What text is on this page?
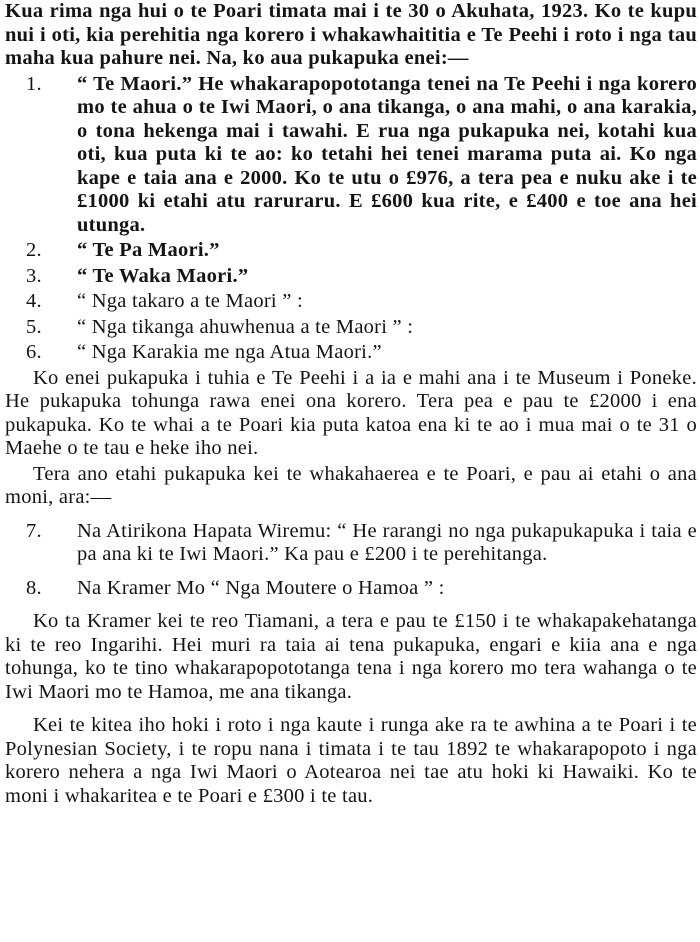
Kua rima nga hui o te Poari timata mai i te 30 o Akuhata, 1923. Ko te kupu nui i oti, kia perehitia nga korero i whakawhaititia e Te Peehi i roto i nga tau maha kua pahure nei. Na, ko aua pukapuka enei:—

1.	“ Te Maori.” He whakarapopototanga tenei na Te Peehi i nga korero mo te ahua o te Iwi Maori, o ana tikanga, o ana mahi, o ana karakia, o tona hekenga mai i tawahi. E rua nga pukapuka nei, kotahi kua oti, kua puta ki te ao: ko tetahi hei tenei marama puta ai. Ko nga kape e taia ana e 2000. Ko te utu o £976, a tera pea e nuku ake i te £1000 ki etahi atu raruraru. E £600 kua rite, e £400 e toe ana hei utunga.

2.	“ Te Pa Maori.”

3.	“ Te Waka Maori.”

4.	“ Nga takaro a te Maori ” :

5.	“ Nga tikanga ahuwhenua a te Maori ” :

6.	“ Nga Karakia me nga Atua Maori.”

Ko enei pukapuka i tuhia e Te Peehi i a ia e mahi ana i te Museum i Poneke. He pukapuka tohunga rawa enei ona korero. Tera pea e pau te £2000 i ena pukapuka. Ko te whai a te Poari kia puta katoa ena ki te ao i mua mai o te 31 o Maehe o te tau e heke iho nei.

Tera ano etahi pukapuka kei te whakahaerea e te Poari, e pau ai etahi o ana moni, ara:—

7.	Na Atirikona Hapata Wiremu: “ He rarangi no nga pukapukapuka i taia e pa ana ki te Iwi Maori.” Ka pau e £200 i te perehitanga.

8.	Na Kramer Mo “ Nga Moutere o Hamoa ” :

Ko ta Kramer kei te reo Tiamani, a tera e pau te £150 i te whakapakehatanga ki te reo Ingarihi. Hei muri ra taia ai tena pukapuka, engari e kiia ana e nga tohunga, ko te tino whakarapopototanga tena i nga korero mo tera wahanga o te Iwi Maori mo te Hamoa, me ana tikanga.

Kei te kitea iho hoki i roto i nga kaute i runga ake ra te awhina a te Poari i te Polynesian Society, i te ropu nana i timata i te tau 1892 te whakarapopoto i nga korero nehera a nga Iwi Maori o Aotearoa nei tae atu hoki ki Hawaiki. Ko te moni i whakaritea e te Poari e £300 i te tau.
